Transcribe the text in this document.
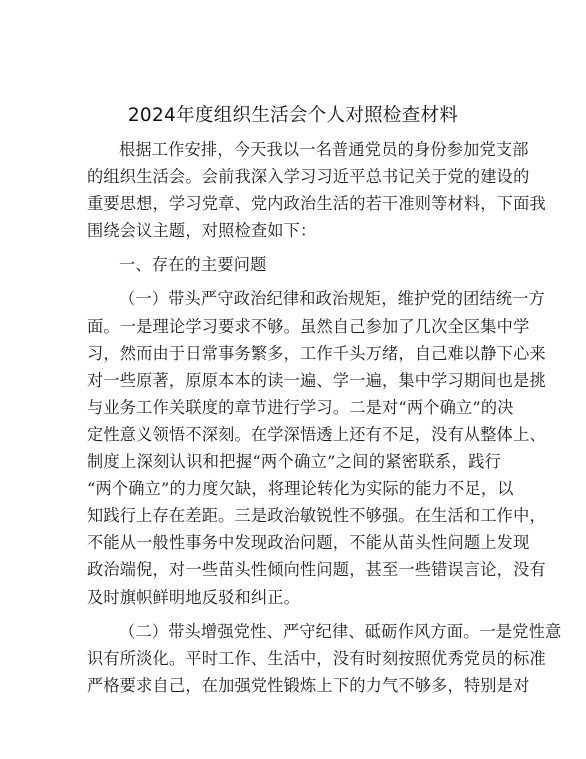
2024年度组织生活会个人对照检查材料
根据工作安排，今天我以一名普通党员的身份参加党支部
的组织生活会。会前我深入学习习近平总书记关于党的建设的
重要思想，学习党章、党内政治生活的若干准则等材料，下面我
围绕会议主题，对照检查如下：
一、存在的主要问题
（一）带头严守政治纪律和政治规矩，维护党的团结统一方
面。一是理论学习要求不够。虽然自己参加了几次全区集中学
习，然而由于日常事务繁多，工作千头万绪，自己难以静下心来
对一些原著，原原本本的读一遍、学一遍，集中学习期间也是挑
与业务工作关联度的章节进行学习。二是对“两个确立”的决
定性意义领悟不深刻。在学深悟透上还有不足，没有从整体上、
制度上深刻认识和把握“两个确立”之间的紧密联系，践行
“两个确立”的力度欠缺，将理论转化为实际的能力不足，以
知践行上存在差距。三是政治敏锐性不够强。在生活和工作中，
不能从一般性事务中发现政治问题，不能从苗头性问题上发现
政治端倪，对一些苗头性倾向性问题，甚至一些错误言论，没有
及时旗帜鲜明地反驳和纠正。
（二）带头增强党性、严守纪律、砥砺作风方面。一是党性意
识有所淡化。平时工作、生活中，没有时刻按照优秀党员的标准
严格要求自己，在加强党性锻炼上下的力气不够多，特别是对
